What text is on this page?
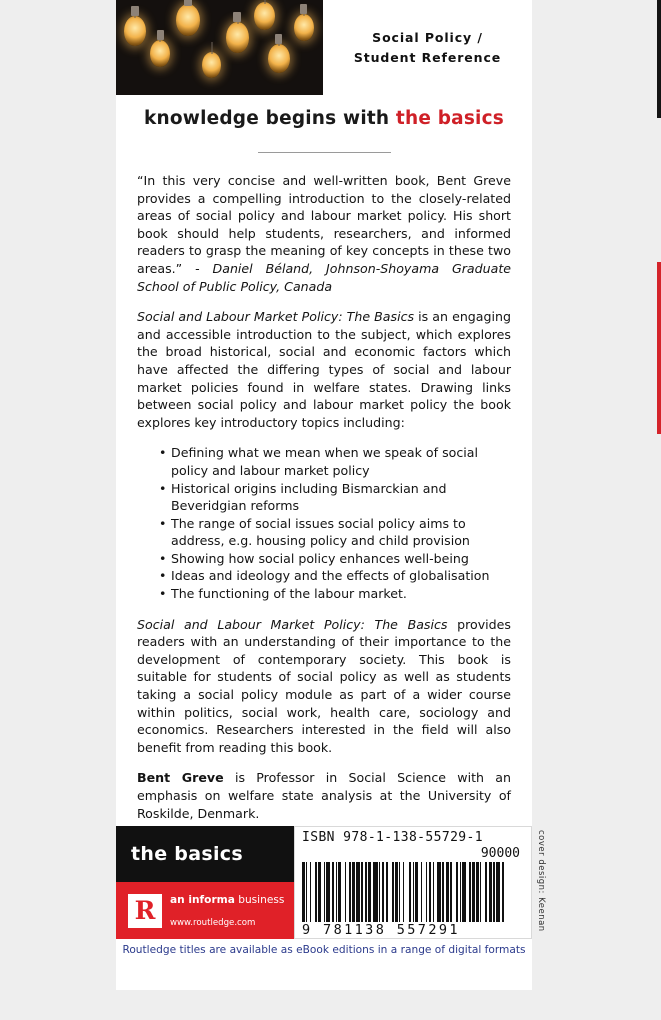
Social Policy /
Student Reference
knowledge begins with the basics

“In this very concise and well-written book, Bent Greve provides a compelling introduction to the closely-related areas of social policy and labour market policy. His short book should help students, researchers, and informed readers to grasp the meaning of key concepts in these two areas.” - Daniel Béland, Johnson-Shoyama Graduate School of Public Policy, Canada

Social and Labour Market Policy: The Basics is an engaging and accessible introduction to the subject, which explores the broad historical, social and economic factors which have affected the differing types of social and labour market policies found in welfare states. Drawing links between social policy and labour market policy the book explores key introductory topics including:

• Defining what we mean when we speak of social policy and labour market policy
• Historical origins including Bismarckian and Beveridgian reforms
• The range of social issues social policy aims to address, e.g. housing policy and child provision
• Showing how social policy enhances well-being
• Ideas and ideology and the effects of globalisation
• The functioning of the labour market.

Social and Labour Market Policy: The Basics provides readers with an understanding of their importance to the development of contemporary society. This book is suitable for students of social policy as well as students taking a social policy module as part of a wider course within politics, social work, health care, sociology and economics. Researchers interested in the field will also benefit from reading this book.

Bent Greve is Professor in Social Science with an emphasis on welfare state analysis at the University of Roskilde, Denmark.

the basics
R	an informa business
www.routledge.com
ISBN 978-1-138-55729-1
90000
9 781138 557291
Routledge titles are available as eBook editions in a range of digital formats
cover design: Keenan
